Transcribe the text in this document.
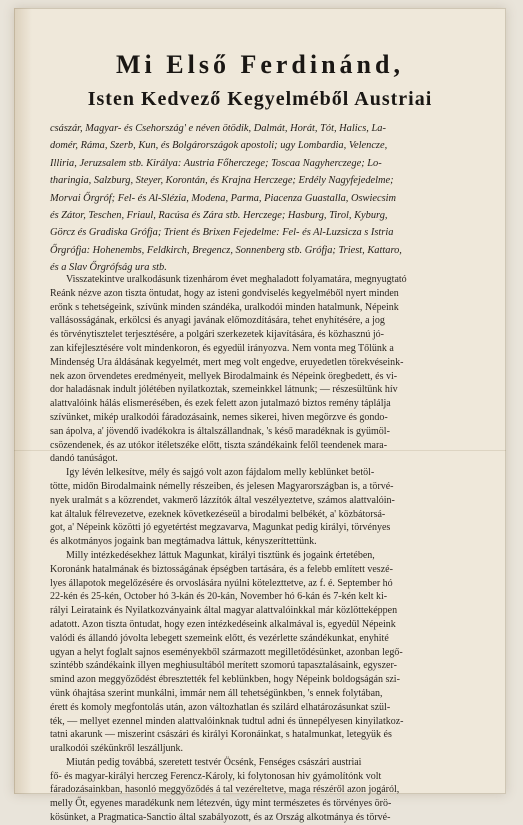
Mi Első Ferdinánd,
Isten Kedvező Kegyelméből Austriai

császár, Magyar- és Csehország' e néven ötödik, Dalmát, Horát, Tót, Halics, La-
domér, Ráma, Szerb, Kun, és Bolgárországok apostoli; ugy Lombardia, Velencze,
Illiria, Jeruzsalem stb. Királya: Austria Főherczege; Toscaa Nagyherczege; Lo-
tharingia, Salzburg, Steyer, Korontán, és Krajna Herczege; Erdély Nagyfejedelme;
Morvai Őrgróf; Fel- és Al-Slézia, Modena, Parma, Piacenza Guastalla, Oswiecsim
és Zátor, Teschen, Friaul, Racúsa és Zára stb. Herczege; Hasburg, Tirol, Kyburg,
Görcz és Gradiska Grófja; Trient és Brixen Fejedelme: Fel- és Al-Luzsicza s Istria
Őrgrófja: Hohenembs, Feldkirch, Bregencz, Sonnenberg stb. Grófja; Triest, Kattaro,
és a Slav Őrgrófság ura stb.

Visszatekintve uralkodásunk tizenhárom évet meghaladott folyamatára, megnyugtató
Reánk nézve azon tiszta öntudat, hogy az isteni gondviselés kegyelméből nyert minden
erőnk s tehetségeink, szívünk minden szándéka, uralkodói minden hatalmunk, Népeink
vallásosságának, erkölcsi és anyagi javának előmozdítására, tehet enyhítésére, a jog
és törvénytisztelet terjesztésére, a polgári szerkezetek kijavítására, és közhasznú jó-
zan kifejlesztésére volt mindenkoron, és egyedül irányozva. Nem vonta meg Tőlünk a
Mindenség Ura áldásának kegyelmét, mert meg volt engedve, eruyedetlen törekvéseink-
nek azon örvendetes eredményeit, mellyek Birodalmaink és Népeink öregbedett, és vi-
dor haladásnak indult jólétében nyilatkoztak, szemeinkkel látnunk; — részesültünk hív
alattvalóink hálás elismerésében, és ezek felett azon jutalmazó biztos remény táplálja
szívünket, mikép uralkodói fáradozásaink, nemes sikerei, hiven megörzve és gondo-
san ápolva, a' jövendő ivadékokra is általszállandnak, 's késő maradéknak is gyümöl-
csözendenek, és az utókor itéletszéke előtt, tiszta szándékaink felől teendenek mara-
dandó tanúságot.
Igy lévén lelkesítve, mély és sajgó volt azon fájdalom melly keblünket betöl-
tötte, midőn Birodalmaink némelly részeiben, és jelesen Magyarországban is, a törvé-
nyek uralmát s a közrendet, vakmerő lázzítók által veszélyeztetve, számos alattvalóin-
kat általuk félrevezetve, ezeknek következéseül a birodalmi belbékét, a' közbátorsá-
got, a' Népeink közötti jó egyetértést megzavarva, Magunkat pedig királyi, törvényes
és alkotmányos jogaink ban megtámadva láttuk, kényszeríttettünk.
Milly intézkedésekhez láttuk Magunkat, királyi tisztünk és jogaink értetében,
Koronánk hatalmának és biztosságának épségben tartására, és a felebb említett veszé-
lyes állapotok megelőzésére és orvoslására nyúlni kötelezttetve, az f. é. September hó
22-kén és 25-kén, October hó 3-kán és 20-kán, November hó 6-kán és 7-kén kelt ki-
rályi Leirataink és Nyilatkozványaink által magyar alattvalóinkkal már közlötteképpen
adatott. Azon tiszta öntudat, hogy ezen intézkedéseink alkalmával is, egyedül Népeink
valódi és állandó jóvolta lebegett szemeink előtt, és vezérlette szándékunkat, enyhité
ugyan a helyt foglalt sajnos eseményekből származott megilletődésünket, azonban legő-
szintébb szándékaink illyen meghiusultából merített szomorú tapasztalásaink, egyszer-
smind azon meggyőződést ébresztették fel keblünkben, hogy Népeink boldogságán szi-
vünk óhajtása szerint munkálni, immár nem áll tehetségünkben, 's ennek folytában,
érett és komoly megfontolás után, azon változhatlan és szilárd elhatározásunkat szül-
ték, — mellyet ezennel minden alattvalóinknak tudtul adni és ünnepélyesen kinyilatkoz-
tatni akarunk — miszerint császári és királyi Koronáinkat, s hatalmunkat, letegyük és
uralkodói székünkről leszálljunk.
Miután pedig továbbá, szeretett testvér Öcsénk, Fenséges császári austriai
fő- és magyar-királyi herczeg Ferencz-Károly, ki folytonosan hiv gyámolítónk volt
fáradozásainkban, hasonló meggyőződés á tal vezéreltetve, maga részéről azon jogáról,
melly Őt, egyenes maradékunk nem létezvén, úgy mint természetes és törvényes örö-
kösünket, a Pragmatica-Sanctio által szabályozott, és az Ország alkotmánya és törvé-
